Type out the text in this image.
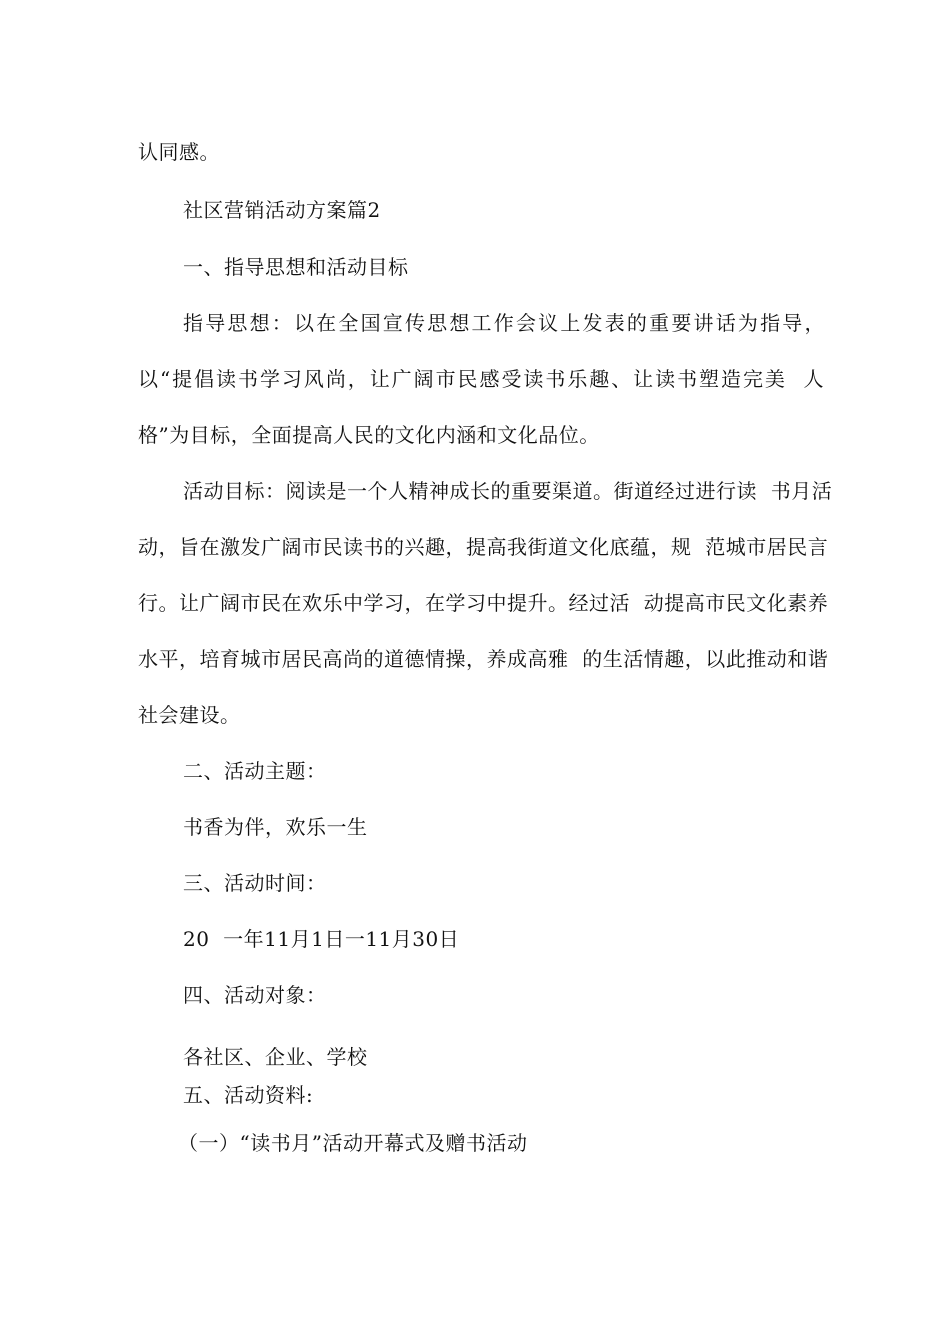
认同感。
社区营销活动方案篇2
一、指导思想和活动目标
指导思想：以在全国宣传思想工作会议上发表的重要讲话为指导，
以“提倡读书学习风尚，让广阔市民感受读书乐趣、让读书塑造完美  人
格”为目标，全面提高人民的文化内涵和文化品位。
活动目标：阅读是一个人精神成长的重要渠道。街道经过进行读  书月活
动，旨在激发广阔市民读书的兴趣，提高我街道文化底蕴，规  范城市居民言
行。让广阔市民在欢乐中学习，在学习中提升。经过活  动提高市民文化素养
水平，培育城市居民高尚的道德情操，养成高雅  的生活情趣，以此推动和谐
社会建设。
二、活动主题：
书香为伴，欢乐一生
三、活动时间：
20  一年11月1日一11月30日
四、活动对象：
各社区、企业、学校
五、活动资料:
（一）“读书月”活动开幕式及赠书活动
